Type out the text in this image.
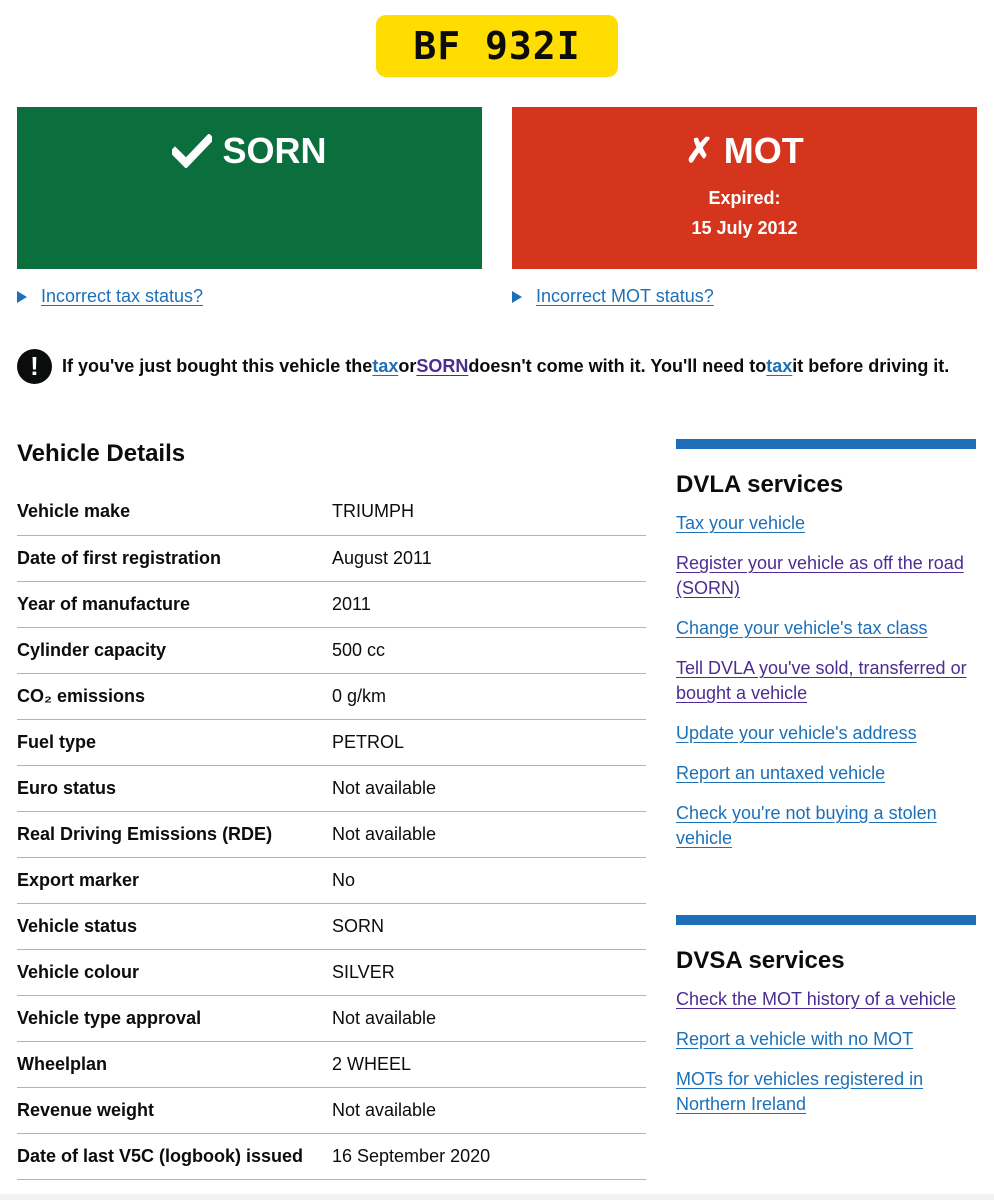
BF 932I
SORN	✗ MOT
Expired:
15 July 2012
Incorrect tax status?	Incorrect MOT status?
!	If you've just bought this vehicle the tax or SORN doesn't come with it. You'll need to tax it before driving it.
Vehicle Details
Vehicle make	TRIUMPH
Date of first registration	August 2011
Year of manufacture	2011
Cylinder capacity	500 cc
CO₂ emissions	0 g/km
Fuel type	PETROL
Euro status	Not available
Real Driving Emissions (RDE)	Not available
Export marker	No
Vehicle status	SORN
Vehicle colour	SILVER
Vehicle type approval	Not available
Wheelplan	2 WHEEL
Revenue weight	Not available
Date of last V5C (logbook) issued	16 September 2020
DVLA services
Tax your vehicle
Register your vehicle as off the road (SORN)
Change your vehicle's tax class
Tell DVLA you've sold, transferred or bought a vehicle
Update your vehicle's address
Report an untaxed vehicle
Check you're not buying a stolen vehicle
DVSA services
Check the MOT history of a vehicle
Report a vehicle with no MOT
MOTs for vehicles registered in Northern Ireland
